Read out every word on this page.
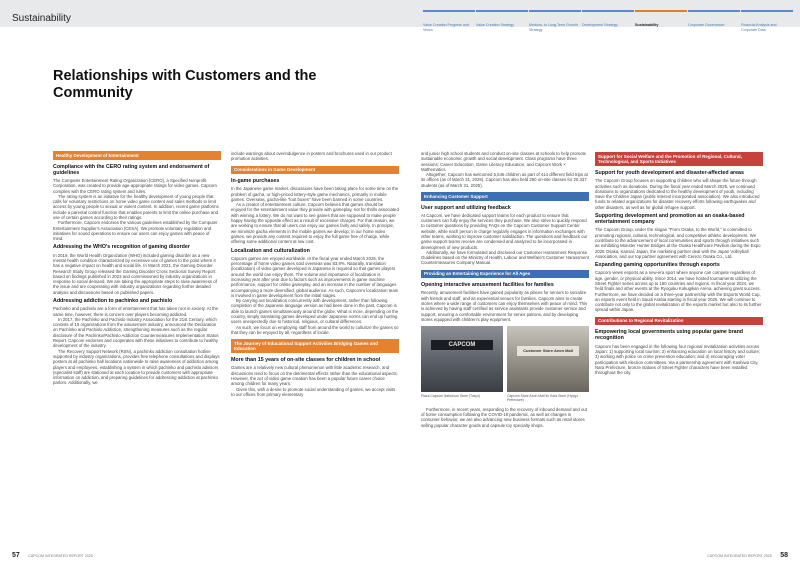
Sustainability
Value Creation Progress and Vision
Value Creation Strategy	Medium- to Long-Term Growth Strategy
Development Strategy	Sustainability	Corporate Governance	Financial Analysis and Corporate Data
Relationships with Customers and the Community
Healthy Development of Entertainment
Compliance with the CERO rating system and endorsement of guidelines

The Computer Entertainment Rating Organization (CERO), a Specified Nonprofit Corporation, was created to provide age-appropriate ratings for video games. Capcom complies with the CERO rating system and rules.

The rating system is an initiative for the healthy development of young people that calls for voluntary restrictions on home video game content and sales methods to limit access by young people to sexual or violent content. In addition, recent game platforms include a parental control function that enables parents to limit the online purchase and use of certain games according to their ratings.

Furthermore, Capcom endorses the various guidelines established by the Computer Entertainment Supplier's Association (CESA). We promote voluntary regulation and initiatives for sound operations to ensure our users can enjoy games with peace of mind.

Addressing the WHO's recognition of gaming disorder

In 2019, the World Health Organization (WHO) included gaming disorder as a new mental health condition characterized by excessive use of games to the point where it has a negative impact on health and social life. In March 2021, the Gaming Disorder Research Study Group released the Gaming Disorder Cross Sectional Survey Report based on findings published in 2023 and commissioned by industry organizations in response to social demand. We are taking the appropriate steps to raise awareness of the issue and are cooperating with industry organizations regarding further detailed analysis and discussions based on published papers.

Addressing addiction to pachinko and pachislo

Pachinko and pachislo are a form of entertainment that has taken root in society. At the same time, however, there is concern over players becoming addicted.

In 2017, the Pachinko and Pachislo Industry Association for the 21st Century, which consists of 15 organizations from the amusement industry, announced the Declaration on Pachinko and Pachislo Addiction, strengthening measures such as the regular disclosure of the Pachinko/Pachislo Addiction Countermeasures Implementation Status Report. Capcom endorses and cooperates with these initiatives to contribute to healthy development of the industry.

The Recovery Support Network (RSN), a pachinko addiction consultation hotline supported by industry organizations, provides free telephone consultations and displays posters at all pachinko hall locations nationwide to raise awareness of addiction among players and employees, establishing a system in which pachinko and pachislo advisors (specialist staff) are stationed at each location to provide customers with appropriate information on addiction, and preparing guidelines for addressing addiction at pachinko parlors. Additionally, we

include warnings about overindulgence in posters and brochures used in our product promotion activities.

Considerations in Game Development
In-game purchases

In the Japanese game market, discussions have been taking place for some time on the problem of gacha, or high-priced lottery-style game mechanics, primarily in mobile games. Overseas, gacha-like "loot boxes" have been banned in some countries.

As a creator of entertainment culture, Capcom believes that games should be enjoyed for the entertainment value they provide with gameplay, not for thrills associated with winning a lottery. We do not want to see games that are supposed to make people happy having the opposite effect as a result of excessive charges. For that reason, we are working to ensure that all users can enjoy our games fairly and safely. In principle, we minimize gacha elements in the mobile games we develop; in our home video games, we provide any content required to enjoy the full game free of charge, while offering some additional content at low cost.

Localization and culturalization

Capcom games are enjoyed worldwide. In the fiscal year ended March 2025, the percentage of home video games sold overseas was 83.8%. Naturally, translation (localization) of video games developed in Japanese is required so that games players around the world can enjoy them. The volume and importance of localization is increasing year after year due to factors such as improvements in game machine performance, support for online gameplay, and an increase in the number of languages accompanying a more diversified, global audience. As such, Capcom's localization team is involved in game development from the initial stages.

By carrying out localization concurrently with development, rather than following completion of the Japanese language version as had been done in the past, Capcom is able to launch games simultaneously around the globe. What is more, depending on the country, simply translating games developed under Japanese norms can end up hurting users unexpectedly due to historical, religious, or cultural differences.

As such, we focus on employing staff from around the world to culturize the games so that they can be enjoyed by all, regardless of locale.

The Journey of Educational Support Activities Bridging Games and Education
More than 15 years of on-site classes for children in school

Games are a relatively new cultural phenomenon with little academic research, and discussions tend to focus on the detrimental effects rather than the educational aspects. However, the act of video game creation has been a popular future career choice among children for many years.

Given this, with a desire to promote social understanding of games, we accept visits to our offices from primary elementary

and junior high school students and conduct on-site classes at schools to help promote sustainable economic growth and social development. Class programs have three sessions: Career Education, Game Literacy Education, and Capcom Work × Mathematics.

Altogether, Capcom has welcomed 5,546 children as part of 414 different field trips at its offices (as of March 31, 2025). Capcom has also held 260 on-site classes for 20,337 students (as of March 31, 2025).

Enhancing Customer Support
User support and utilizing feedback

At Capcom, we have dedicated support teams for each product to ensure that customers can fully enjoy the services they purchase. We also strive to quickly respond to customer questions by providing FAQs on the Capcom Customer Support Center website, while each person in charge regularly engages in information exchanges with other teams, working to improve customer satisfaction. The questions and feedback our game support teams receive are condensed and analyzed to be incorporated in development of new products.

Additionally, we have formulated and disclosed our Customer Harassment Response Guidelines based on the Ministry of Health, Labour and Welfare's Customer Harassment Countermeasures Company Manual.

Providing an Entertaining Experience for All Ages
Opening interactive amusement facilities for families

Recently, amusement facilities have gained popularity as places for seniors to socialize with friends and staff, and as experiential venues for families. Capcom aims to create stores where a wide range of customers can enjoy themselves with peace of mind. This is achieved by having staff certified as service assistants provide customer service and support, ensuring a comfortable environment for senior patrons, and by developing stores equipped with children's play equipment.

CAPCOM
Customer Store Aeon Mall
Plaza Capcom Ikebukuro Store (Tokyo)	Capcom Store Aeon Mall Ito Kota Store (Hyogo Prefecture)

Furthermore, in recent years, responding to the recovery of inbound demand and out of home consumption following the COVID-19 pandemic, as well as changes in consumer behavior, we are also advancing new business formats such as retail stores selling popular character goods and capsule toy specialty shops.

Support for Social Welfare and the Promotion of Regional, Cultural, Technological, and Sports Initiatives
Support for youth development and disaster-affected areas

The Capcom Group focuses on supporting children who will shape the future through activities such as donations. During the fiscal year ended March 2025, we continued donations to organizations dedicated to the healthy development of youth, including Save the Children Japan (public interest incorporated association). We also introduced funds to related organizations for disaster recovery efforts following earthquakes and other disasters, as well as for global refugee support.

Supporting development and promotion as an osaka-based entertainment company

The Capcom Group, under the slogan "From Osaka, to the World," is committed to promoting regional, cultural, technological, and competitive athletic development. We contribute to the advancement of local communities and sports through initiatives such as exhibiting Monster Hunter Bridges at the Osaka Healthcare Pavilion during the Expo 2025 Osaka, Kansai, Japan, the marketing partner deal with the Japan Volleyball Association, and our top partner agreement with Cerezo Osaka Co., Ltd.

Expanding gaming opportunities through esports

Capcom views esports as a new-era sport where anyone can compete regardless of age, gender, or physical ability. Since 2014, we have hosted tournaments utilizing the Street Fighter series across up to 160 countries and regions. In fiscal year 2024, we held finals and other events at the Ryogoku Kokugikan Arena, achieving great success. Furthermore, we have decided on a three-year partnership with the Esports World Cup, an esports event held in Saudi Arabia starting in fiscal year 2025. We will continue to contribute not only to the global revitalization of the esports market but also to its further spread within Japan.

Contributions to Regional Revitalization
Empowering local governments using popular game brand recognition

Capcom has been engaged in the following four regional revitalization activities across Japan: 1) supporting local tourism; 2) enhancing education on local history and culture; 3) working with police on crime prevention education; and 4) encouraging voter participation with election committees. Via a partnership agreement with Kashiwa City, Nara Prefecture, bronze statues of Street Fighter characters have been installed throughout the city.

57 CAPCOM INTEGRATED REPORT 2025	CAPCOM INTEGRATED REPORT 2025 58
